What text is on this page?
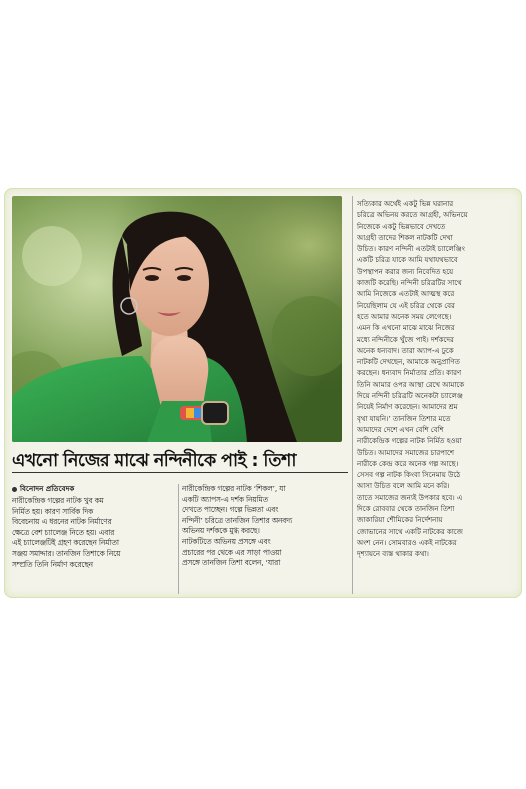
এখনো নিজের মাঝে নন্দিনীকে পাই : তিশা
বিনোদন প্রতিবেদক
নারীকেন্দ্রিক গল্পের নাটক খুব কম
নির্মিত হয়। কারণ সার্বিক দিক
বিবেচনায় এ ধরনের নাটক নির্মাণের
ক্ষেত্রে বেশ চ্যালেঞ্জ নিতে হয়। এবার
এই চ্যালেঞ্জটিই গ্রহণ করেছেন নির্মাতা
সঞ্জয় সমাদ্দার। তানজিন তিশাকে নিয়ে
সম্প্রতি তিনি নির্মাণ করেছেন
নারীকেন্দ্রিক গল্পের নাটক ‘শিকল’, যা
একটি অ্যাপস-এ দর্শক নিয়মিত
দেখতে পাচ্ছেন। গল্পে ভিন্নতা এবং
নন্দিনী’ চরিত্রে তানজিন তিশার অনবদ্য
অভিনয় দর্শককে মুগ্ধ করছে।
নাটকটিতে অভিনয় প্রসঙ্গে এবং
প্রচারের পর থেকে এর সাড়া পাওয়া
প্রসঙ্গে তানজিন তিশা বলেন, ‘যারা
সত্যিকার অর্থেই একটু ভিন্ন ঘরানার
চরিত্রে অভিনয় করতে আগ্রহী, অভিনয়ে
নিজেকে একটু ভিন্নভাবে দেখতে
আগ্রহী তাদের শিকল নাটকটি দেখা
উচিত। কারণ নন্দিনী এতটাই চ্যালেঞ্জিং
একটি চরিত্র যাকে আমি যথাযথভাবে
উপস্থাপন করার জন্য নিবেদিত হয়ে
কাজটি করেছি। নন্দিনী চরিত্রটির সাথে
আমি নিজেকে এতটাই আত্মস্থ করে
নিয়েছিলাম যে এই চরিত্র থেকে বের
হতে আমার অনেক সময় লেগেছে।
এমন কি এখনো মাঝে মাঝে নিজের
মধ্যে নন্দিনীকে খুঁজে পাই। দর্শকদের
অনেক ধন্যবাদ। তারা অ্যাপ-এ ঢুকে
নাটকটি দেখছেন, আমাকে অনুপ্রাণিত
করছেন। ধন্যবাদ নির্মাতার প্রতি। কারণ
তিনি আমার ওপর আস্থা রেখে আমাকে
দিয়ে নন্দিনী চরিত্রটি অনেকটা চ্যালেঞ্জ
নিয়েই নির্মাণ করেছেন। আমাদের শ্রম
বৃথা যায়নি।’ তানজিন তিশার মতে
আমাদের দেশে এখন বেশি বেশি
নারীকেন্দ্রিক গল্পের নাটক নির্মিত হওয়া
উচিত। আমাদের সমাজের চারপাশে
নারীকে কেন্দ্র করে অনেক গল্প আছে।
সেসব গল্প নাটক কিংবা সিনেমায় উঠে
আসা উচিত বলে আমি মনে করি।
তাতে সমাজের জন্যই উপকার হবে। এ
দিকে রোববার থেকে তানজিন তিশা
জাকারিয়া শৌমিকের নির্দেশনায়
জোভানের সাথে একটি নাটকের কাজে
অংশ নেন। সোমবারও একই নাটকের
দৃশ্যায়নে ব্যস্ত থাকার কথা।
